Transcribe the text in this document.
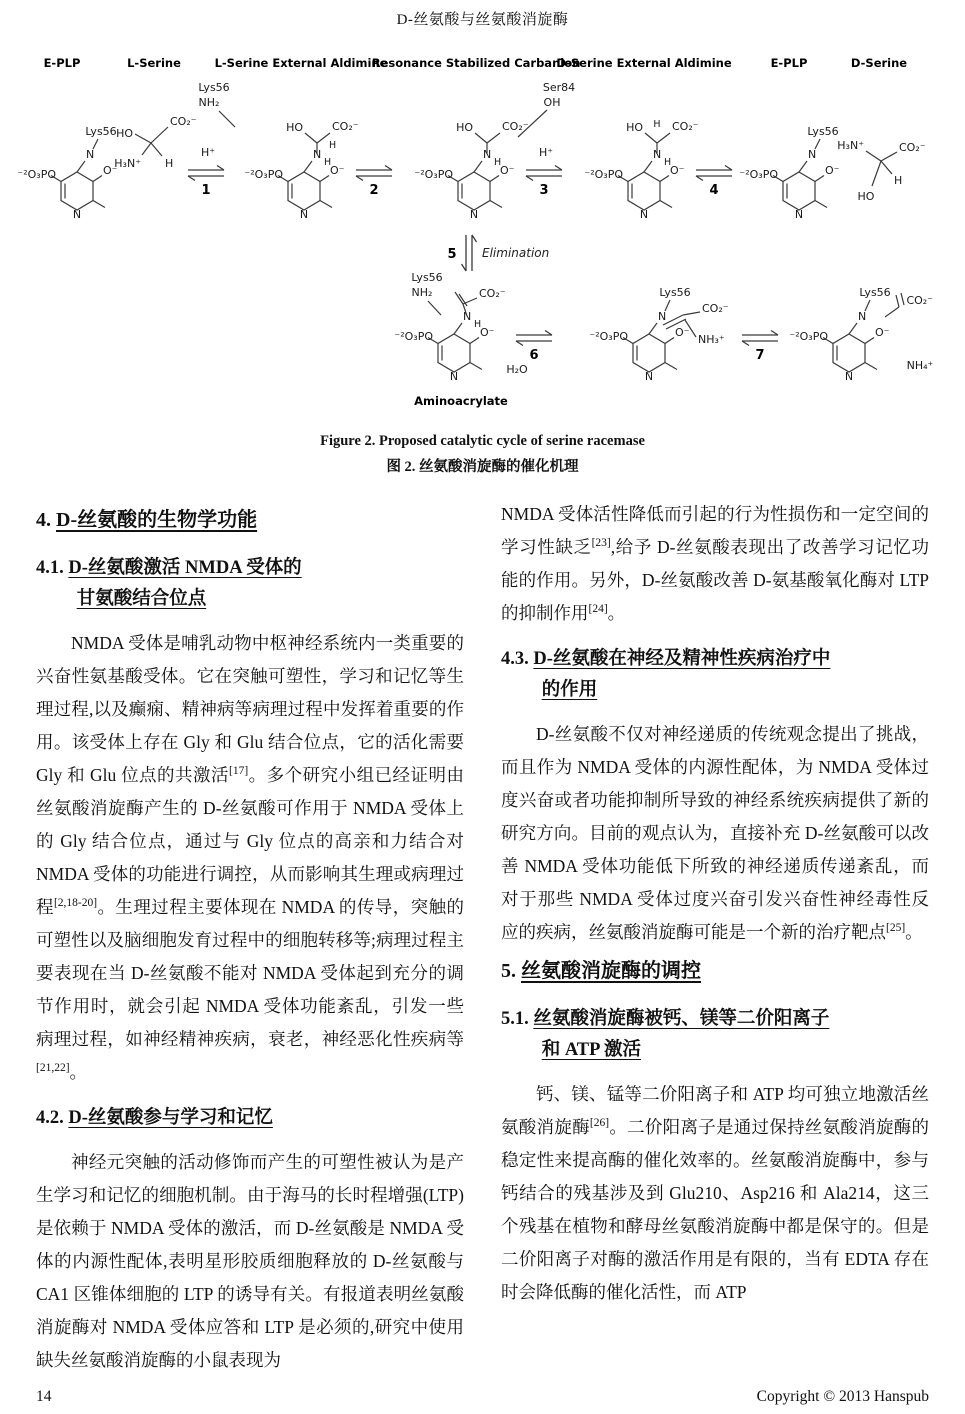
D-丝氨酸与丝氨酸消旋酶
N
O⁻
E-PLP	L-Serine	L-Serine External Aldimine
Resonance Stabilized Carbanion
D-Serine External Aldimine	E-PLP	D-Serine
N
Lys56 HO
CO₂⁻
H₃N⁺ H
1
H⁺	N
H
HO	CO₂⁻
H
Lys56
NH₂
2
N
H
HO	CO₂⁻
Ser84
OH
3
H⁺	N
H
HO	CO₂⁻
H
4
N
Lys56
H₃N⁺	CO₂⁻
HO
H
5 Elimination
N
H
CO₂⁻
Lys56
NH₂
H₂O
Aminoacrylate
6
N
Lys56
CO₂⁻
NH₃⁺
7
N
Lys56
CO₂⁻
NH₄⁺
Figure 2. Proposed catalytic cycle of serine racemase
图 2. 丝氨酸消旋酶的催化机理
4. D-丝氨酸的生物学功能
4.1. D-丝氨酸激活 NMDA 受体的
甘氨酸结合位点

NMDA 受体是哺乳动物中枢神经系统内一类重要的兴奋性氨基酸受体。它在突触可塑性，学习和记忆等生理过程,以及癫痫、精神病等病理过程中发挥着重要的作用。该受体上存在 Gly 和 Glu 结合位点，它的活化需要 Gly 和 Glu 位点的共激活[17]。多个研究小组已经证明由丝氨酸消旋酶产生的 D-丝氨酸可作用于 NMDA 受体上的 Gly 结合位点，通过与 Gly 位点的高亲和力结合对 NMDA 受体的功能进行调控，从而影响其生理或病理过程[2,18-20]。生理过程主要体现在 NMDA 的传导，突触的可塑性以及脑细胞发育过程中的细胞转移等;病理过程主要表现在当 D-丝氨酸不能对 NMDA 受体起到充分的调节作用时，就会引起 NMDA 受体功能紊乱，引发一些病理过程，如神经精神疾病，衰老，神经恶化性疾病等[21,22]。

4.2. D-丝氨酸参与学习和记忆

神经元突触的活动修饰而产生的可塑性被认为是产生学习和记忆的细胞机制。由于海马的长时程增强(LTP)是依赖于 NMDA 受体的激活，而 D-丝氨酸是 NMDA 受体的内源性配体,表明星形胶质细胞释放的 D-丝氨酸与 CA1 区锥体细胞的 LTP 的诱导有关。有报道表明丝氨酸消旋酶对 NMDA 受体应答和 LTP 是必须的,研究中使用缺失丝氨酸消旋酶的小鼠表现为

NMDA 受体活性降低而引起的行为性损伤和一定空间的学习性缺乏[23],给予 D-丝氨酸表现出了改善学习记忆功能的作用。另外，D-丝氨酸改善 D-氨基酸氧化酶对 LTP 的抑制作用[24]。

4.3. D-丝氨酸在神经及精神性疾病治疗中
的作用

D-丝氨酸不仅对神经递质的传统观念提出了挑战，而且作为 NMDA 受体的内源性配体，为 NMDA 受体过度兴奋或者功能抑制所导致的神经系统疾病提供了新的研究方向。目前的观点认为，直接补充 D-丝氨酸可以改善 NMDA 受体功能低下所致的神经递质传递紊乱，而对于那些 NMDA 受体过度兴奋引发兴奋性神经毒性反应的疾病，丝氨酸消旋酶可能是一个新的治疗靶点[25]。

5. 丝氨酸消旋酶的调控
5.1. 丝氨酸消旋酶被钙、镁等二价阳离子
和 ATP 激活

钙、镁、锰等二价阳离子和 ATP 均可独立地激活丝氨酸消旋酶[26]。二价阳离子是通过保持丝氨酸消旋酶的稳定性来提高酶的催化效率的。丝氨酸消旋酶中，参与钙结合的残基涉及到 Glu210、Asp216 和 Ala214，这三个残基在植物和酵母丝氨酸消旋酶中都是保守的。但是二价阳离子对酶的激活作用是有限的，当有 EDTA 存在时会降低酶的催化活性，而 ATP

14	Copyright © 2013 Hanspub
